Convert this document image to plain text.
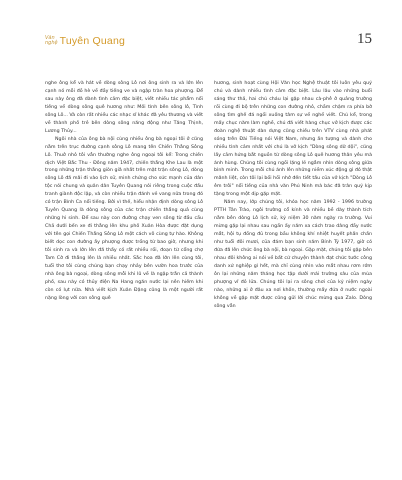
Văn
nghệ Tuyên Quang	15

nghe ông kể và hát về dòng sông Lô nơi ông sinh ra và lớn lên cạnh nó mỗi đồ hè về đầy tiếng ve và ngập tràn hoa phượng. Để sau này ông đã dành tình cảm đặc biệt, viết nhiều tác phẩm nổi tiếng về dòng sông quê hương như: Mối tình bên sông lô, Tình sông Lô... Và còn rất nhiều các nhạc sĩ khác đã yêu thương và viết về thành phố trẻ bên dòng sông năng động như Tăng Thịnh, Lương Thủy...

Ngôi nhà của ông bà nội cùng nhiều ông bà ngoại tôi ở cũng nằm trên trục đường cạnh sông Lô mang tên Chiến Thắng Sông Lô. Thuở nhỏ tôi vẫn thường nghe ông ngoại tôi kể: Trong chiến dịch Việt Bắc Thu - Đông năm 1947, chiến thắng Khe Lau là một trong những trận thắng giòn giã nhất trên mặt trận sông Lô, dòng sông Lô đã mãi đi vào lịch sử, minh chứng cho sức mạnh của dân tộc nói chung và quân dân Tuyên Quang nói riêng trong cuộc đấu tranh giành độc lập, và còn nhiều trận đánh vẻ vang nữa trong đó có trận Bình Ca nổi tiếng. Bởi vì thế, hiểu nhận định dòng sông Lô Tuyên Quang là dòng sông của các trận chiến thắng quả cùng những hi sinh. Để sau này con đường chạy ven sông từ đầu cầu Chả dưới bến xe đi thẳng lên khu phố Xuân Hòa được đặt dụng với tên gọi Chiến Thắng Sông Lô một cách vô cùng tự hào. Không biết dọc con đường ấy phượng được trồng từ bao giờ, nhưng khi tôi sinh ra và lớn lên đã thấy có rất nhiều rồi, đoạn từ cổng chợ Tam Cờ đi thẳng lên là nhiều nhất. Sắc hoa đã lớn lên cùng tôi, tuổi thơ tôi cùng chúng bạn chạy nhảy bên vườn hoa trước của nhà ông bà ngoại, dòng sông mỗi khi lũ về là ngập trắn cả thành phố, sau này có thủy điện Na Hang ngăn nước lại nên hiếm khi còn có lụt nữa. Nhà viết kịch Xuân Đặng cũng là một người rất nặng lòng với con sông quê

hương, sinh hoạt cùng Hội Văn học Nghệ thuật tôi luôn yêu quý chú và dành nhiều tình cảm đặc biệt. Lâu lâu vào những buổi sáng thư thả, hai chú cháu lại gặp nhau cà-phê ở quảng trường rồi cùng đi bộ trên những con đường nhỏ, chầm chậm ra phía bờ sông tìm ghế đá ngồi xuống tâm sự về nghề viết. Chú kể, trong mấy chục năm làm nghề, chú đã viết hàng chục vở kịch được các đoàn nghệ thuật dàn dựng cũng chiếu trên VTV cùng nhà phát sóng trên Đài Tiếng nói Việt Nam, nhưng ấn tượng và dành cho nhiều tình cảm nhất với chú là vở kịch "Dòng sông dữ dội", cũng lấy cảm hứng bắt nguồn từ dòng sông Lô quê hương thân yêu mà ánh hùng. Chúng tôi cùng ngồi lặng lẽ ngắm nhìn dòng sông giữa bình minh. Trong mỗi chú ánh lên những niềm xúc động gì đó thật mãnh liệt, còn tôi lại bồi hồi nhớ đến tiết tấu của vở kịch "Dòng Lô êm trôi" nổi tiếng của nhà văn Phú Ninh mà bác đã trân quý kịp tặng trong một dịp gặp mặt.

Năm nay, lớp chúng tôi, khóa học năm 1992 - 1996 trường PTTH Tân Trào, ngôi trường cổ kính và nhiều bề dày thành tích nằm bên dòng Lô lịch sử, kỷ niệm 30 năm ngày ra trường. Vui mừng gặp lại nhau sau ngần ấy năm xa cách trao dâng đầy nước mắt, hội tụ đồng đủ trong bầu không khí nhiệt huyết phấn chấn như tuổi đôi mươi, của đám bạn sinh năm Bính Tý 1977, giờ có đứa đã lên chức ông bà nội, bà ngoại. Gặp mặt, chúng tôi gặp bên nhau đôi không ai nói về bất cứ chuyện thành đạt chức tước công danh xứ nghiệp gì hết, mà chỉ cùng nhìn vào mắt nhau rơm rớm ôn lại những năm tháng học tập dưới mái trường sâu của mùa phượng vĩ đỏ lửa. Chúng tôi lại ra sông chơi của kỷ niệm ngày nào, những ai ở đâu xa nơi khốn, thường mấy đứa ở nước ngoài không về gặp mặt được cũng gửi lời chúc mừng qua Zalo. Dòng sông vẫn
